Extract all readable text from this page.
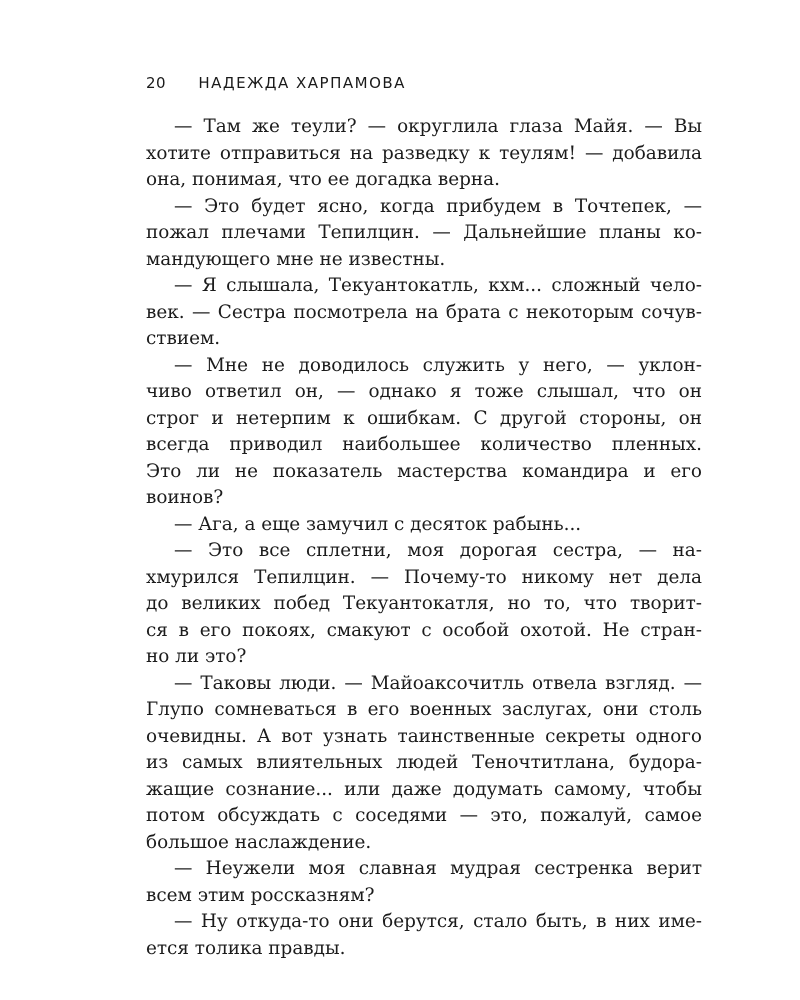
20 НАДЕЖДА ХАРПАМОВА
— Там же теули? — округлила глаза Майя. — Вы
хотите отправиться на разведку к теулям! — добавила
она, понимая, что ее догадка верна.
— Это будет ясно, когда прибудем в Точтепек, —
пожал плечами Тепилцин. — Дальнейшие планы ко-
мандующего мне не известны.
— Я слышала, Текуантокатль, кхм... сложный чело-
век. — Сестра посмотрела на брата с некоторым сочув-
ствием.
— Мне не доводилось служить у него, — уклон-
чиво ответил он, — однако я тоже слышал, что он
строг и нетерпим к ошибкам. С другой стороны, он
всегда приводил наибольшее количество пленных.
Это ли не показатель мастерства командира и его
воинов?
— Ага, а еще замучил с десяток рабынь...
— Это все сплетни, моя дорогая сестра, — на-
хмурился Тепилцин. — Почему-то никому нет дела
до великих побед Текуантокатля, но то, что творит-
ся в его покоях, смакуют с особой охотой. Не стран-
но ли это?
— Таковы люди. — Майоаксочитль отвела взгляд. —
Глупо сомневаться в его военных заслугах, они столь
очевидны. А вот узнать таинственные секреты одного
из самых влиятельных людей Теночтитлана, будора-
жащие сознание... или даже додумать самому, чтобы
потом обсуждать с соседями — это, пожалуй, самое
большое наслаждение.
— Неужели моя славная мудрая сестренка верит
всем этим россказням?
— Ну откуда-то они берутся, стало быть, в них име-
ется толика правды.
